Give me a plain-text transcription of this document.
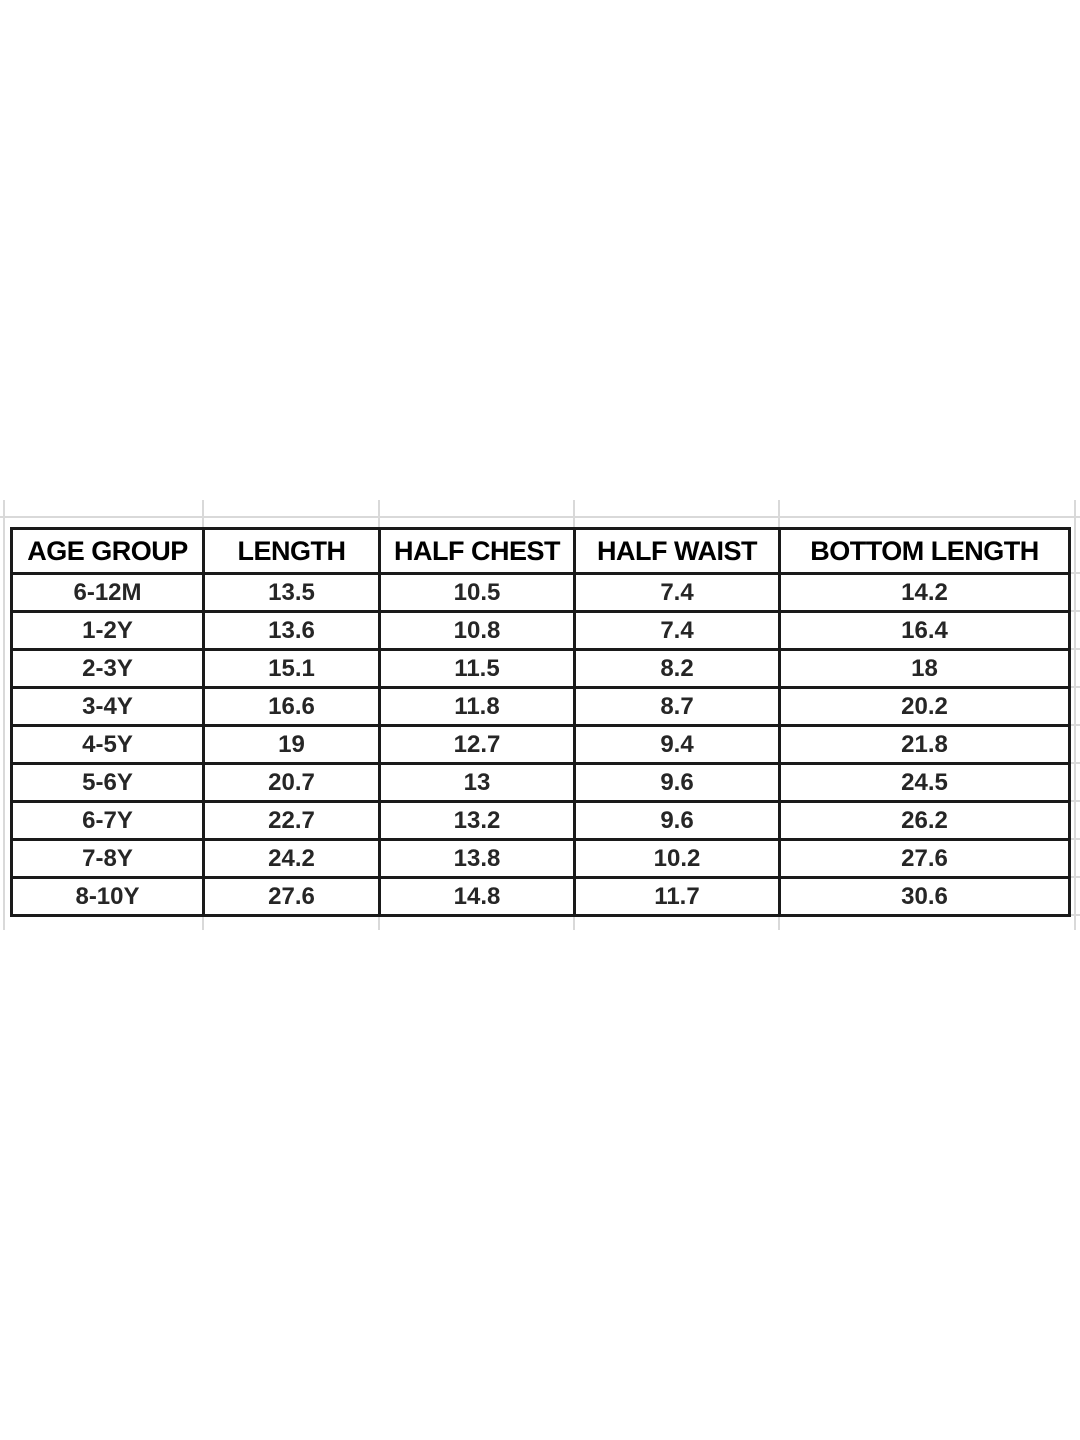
AGE GROUP	LENGTH	HALF CHEST	HALF WAIST	BOTTOM LENGTH
6-12M	13.5	10.5	7.4	14.2
1-2Y	13.6	10.8	7.4	16.4
2-3Y	15.1	11.5	8.2	18
3-4Y	16.6	11.8	8.7	20.2
4-5Y	19	12.7	9.4	21.8
5-6Y	20.7	13	9.6	24.5
6-7Y	22.7	13.2	9.6	26.2
7-8Y	24.2	13.8	10.2	27.6
8-10Y	27.6	14.8	11.7	30.6
